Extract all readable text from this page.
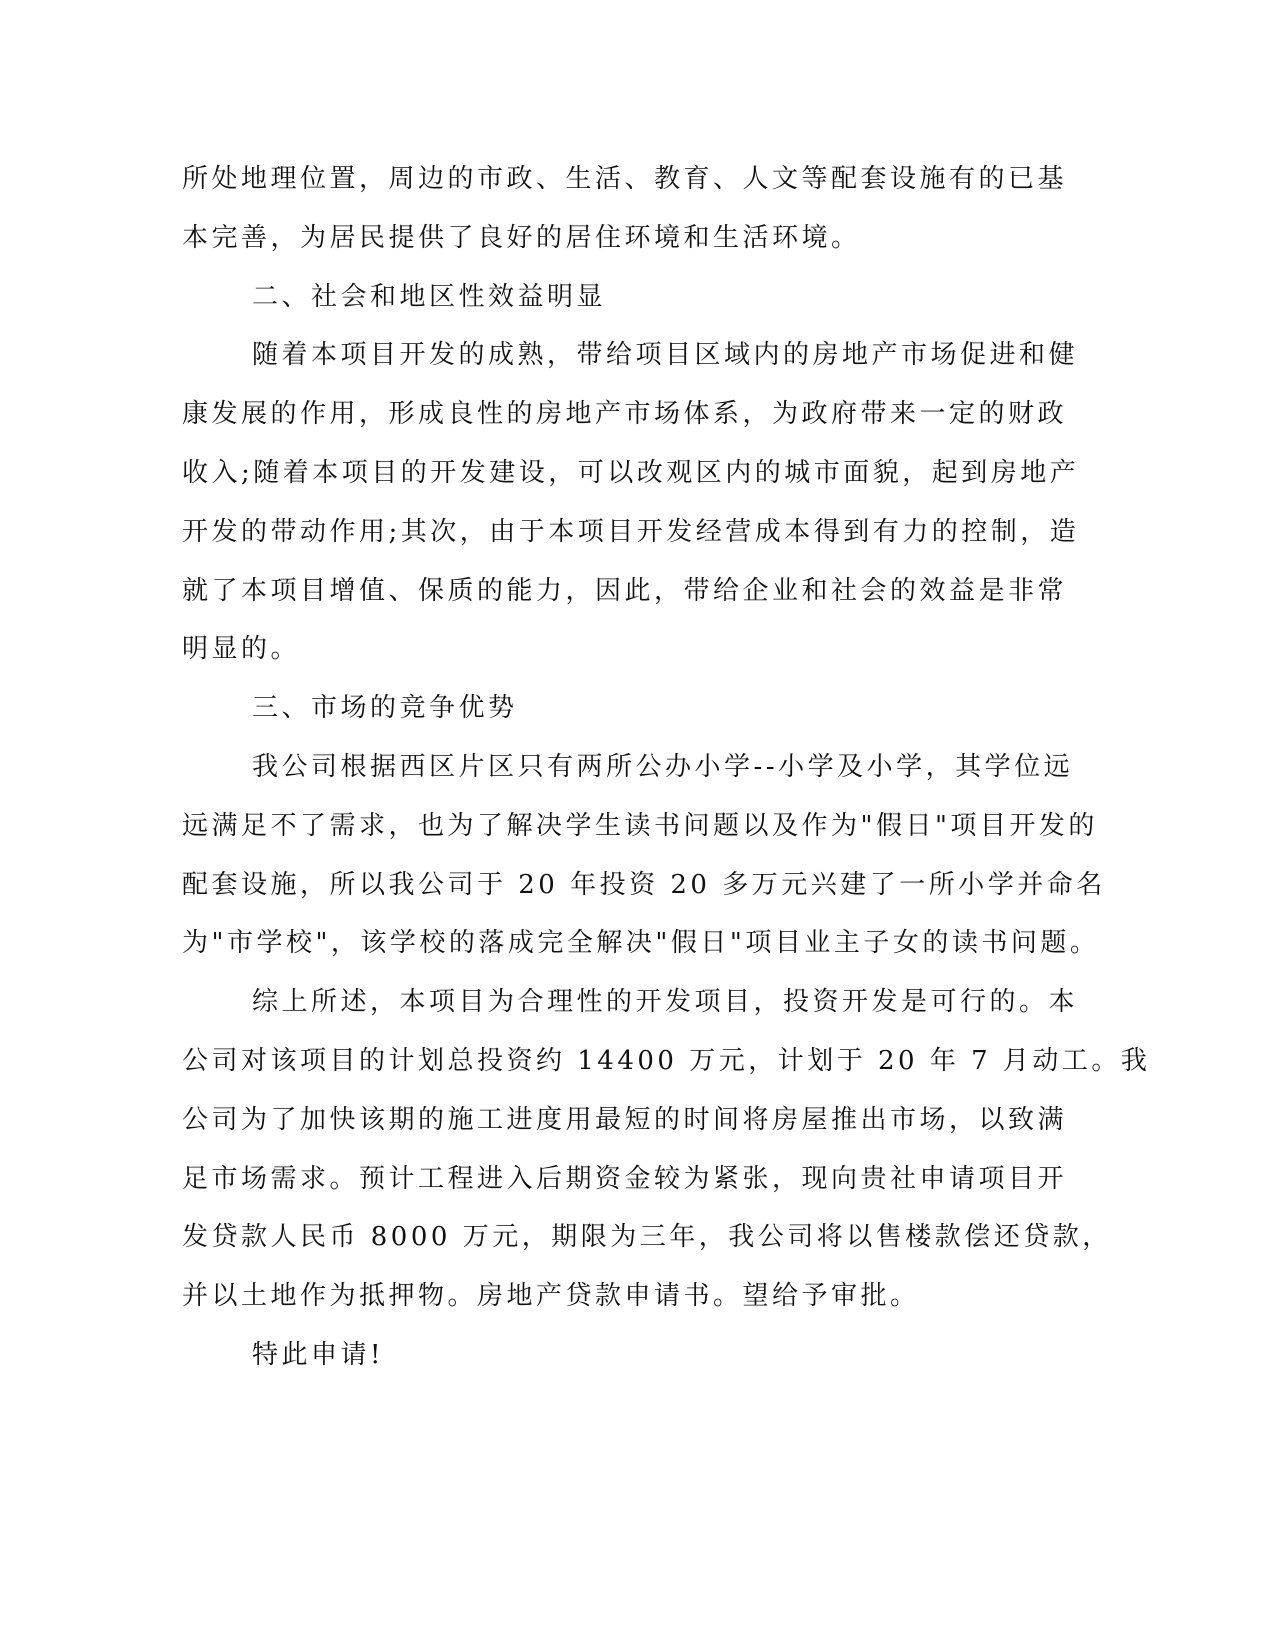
所处地理位置，周边的市政、生活、教育、人文等配套设施有的已基
本完善，为居民提供了良好的居住环境和生活环境。
二、社会和地区性效益明显
随着本项目开发的成熟，带给项目区域内的房地产市场促进和健
康发展的作用，形成良性的房地产市场体系，为政府带来一定的财政
收入;随着本项目的开发建设，可以改观区内的城市面貌，起到房地产
开发的带动作用;其次，由于本项目开发经营成本得到有力的控制，造
就了本项目增值、保质的能力，因此，带给企业和社会的效益是非常
明显的。
三、市场的竞争优势
我公司根据西区片区只有两所公办小学--小学及小学，其学位远
远满足不了需求，也为了解决学生读书问题以及作为"假日"项目开发的
配套设施，所以我公司于 20 年投资 20 多万元兴建了一所小学并命名
为"市学校"，该学校的落成完全解决"假日"项目业主子女的读书问题。
综上所述，本项目为合理性的开发项目，投资开发是可行的。本
公司对该项目的计划总投资约 14400 万元，计划于 20 年 7 月动工。我
公司为了加快该期的施工进度用最短的时间将房屋推出市场，以致满
足市场需求。预计工程进入后期资金较为紧张，现向贵社申请项目开
发贷款人民币 8000 万元，期限为三年，我公司将以售楼款偿还贷款，
并以土地作为抵押物。房地产贷款申请书。望给予审批。
特此申请!
